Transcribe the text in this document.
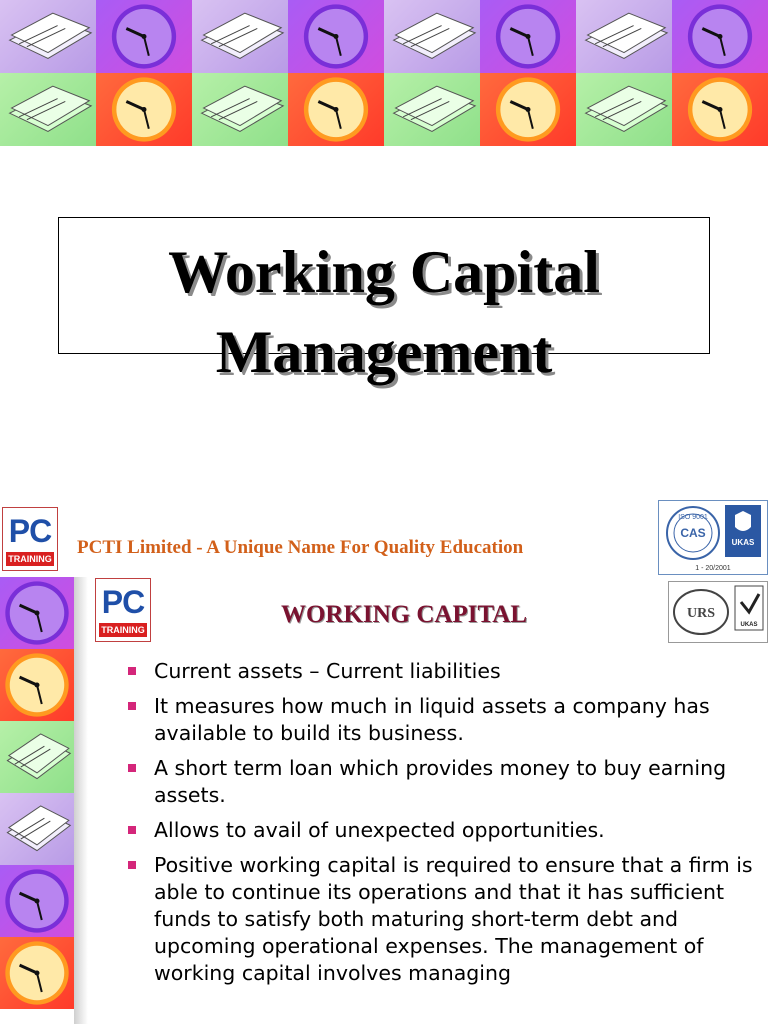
Working Capital
Management
PC
TRAINING
PCTI Limited - A Unique Name For Quality Education
ISO 9001
CAS
UKAS
1 - 20/2001
URS
UKAS
PC
TRAINING
WORKING CAPITAL
Current assets – Current liabilities
It measures how much in liquid assets a company has available to build its business.
A short term loan which provides money to buy earning assets.
Allows to avail of unexpected opportunities.
Positive working capital is required to ensure that a firm is able to continue its operations and that it has sufficient funds to satisfy both maturing short-term debt and upcoming operational expenses. The management of working capital involves managing
